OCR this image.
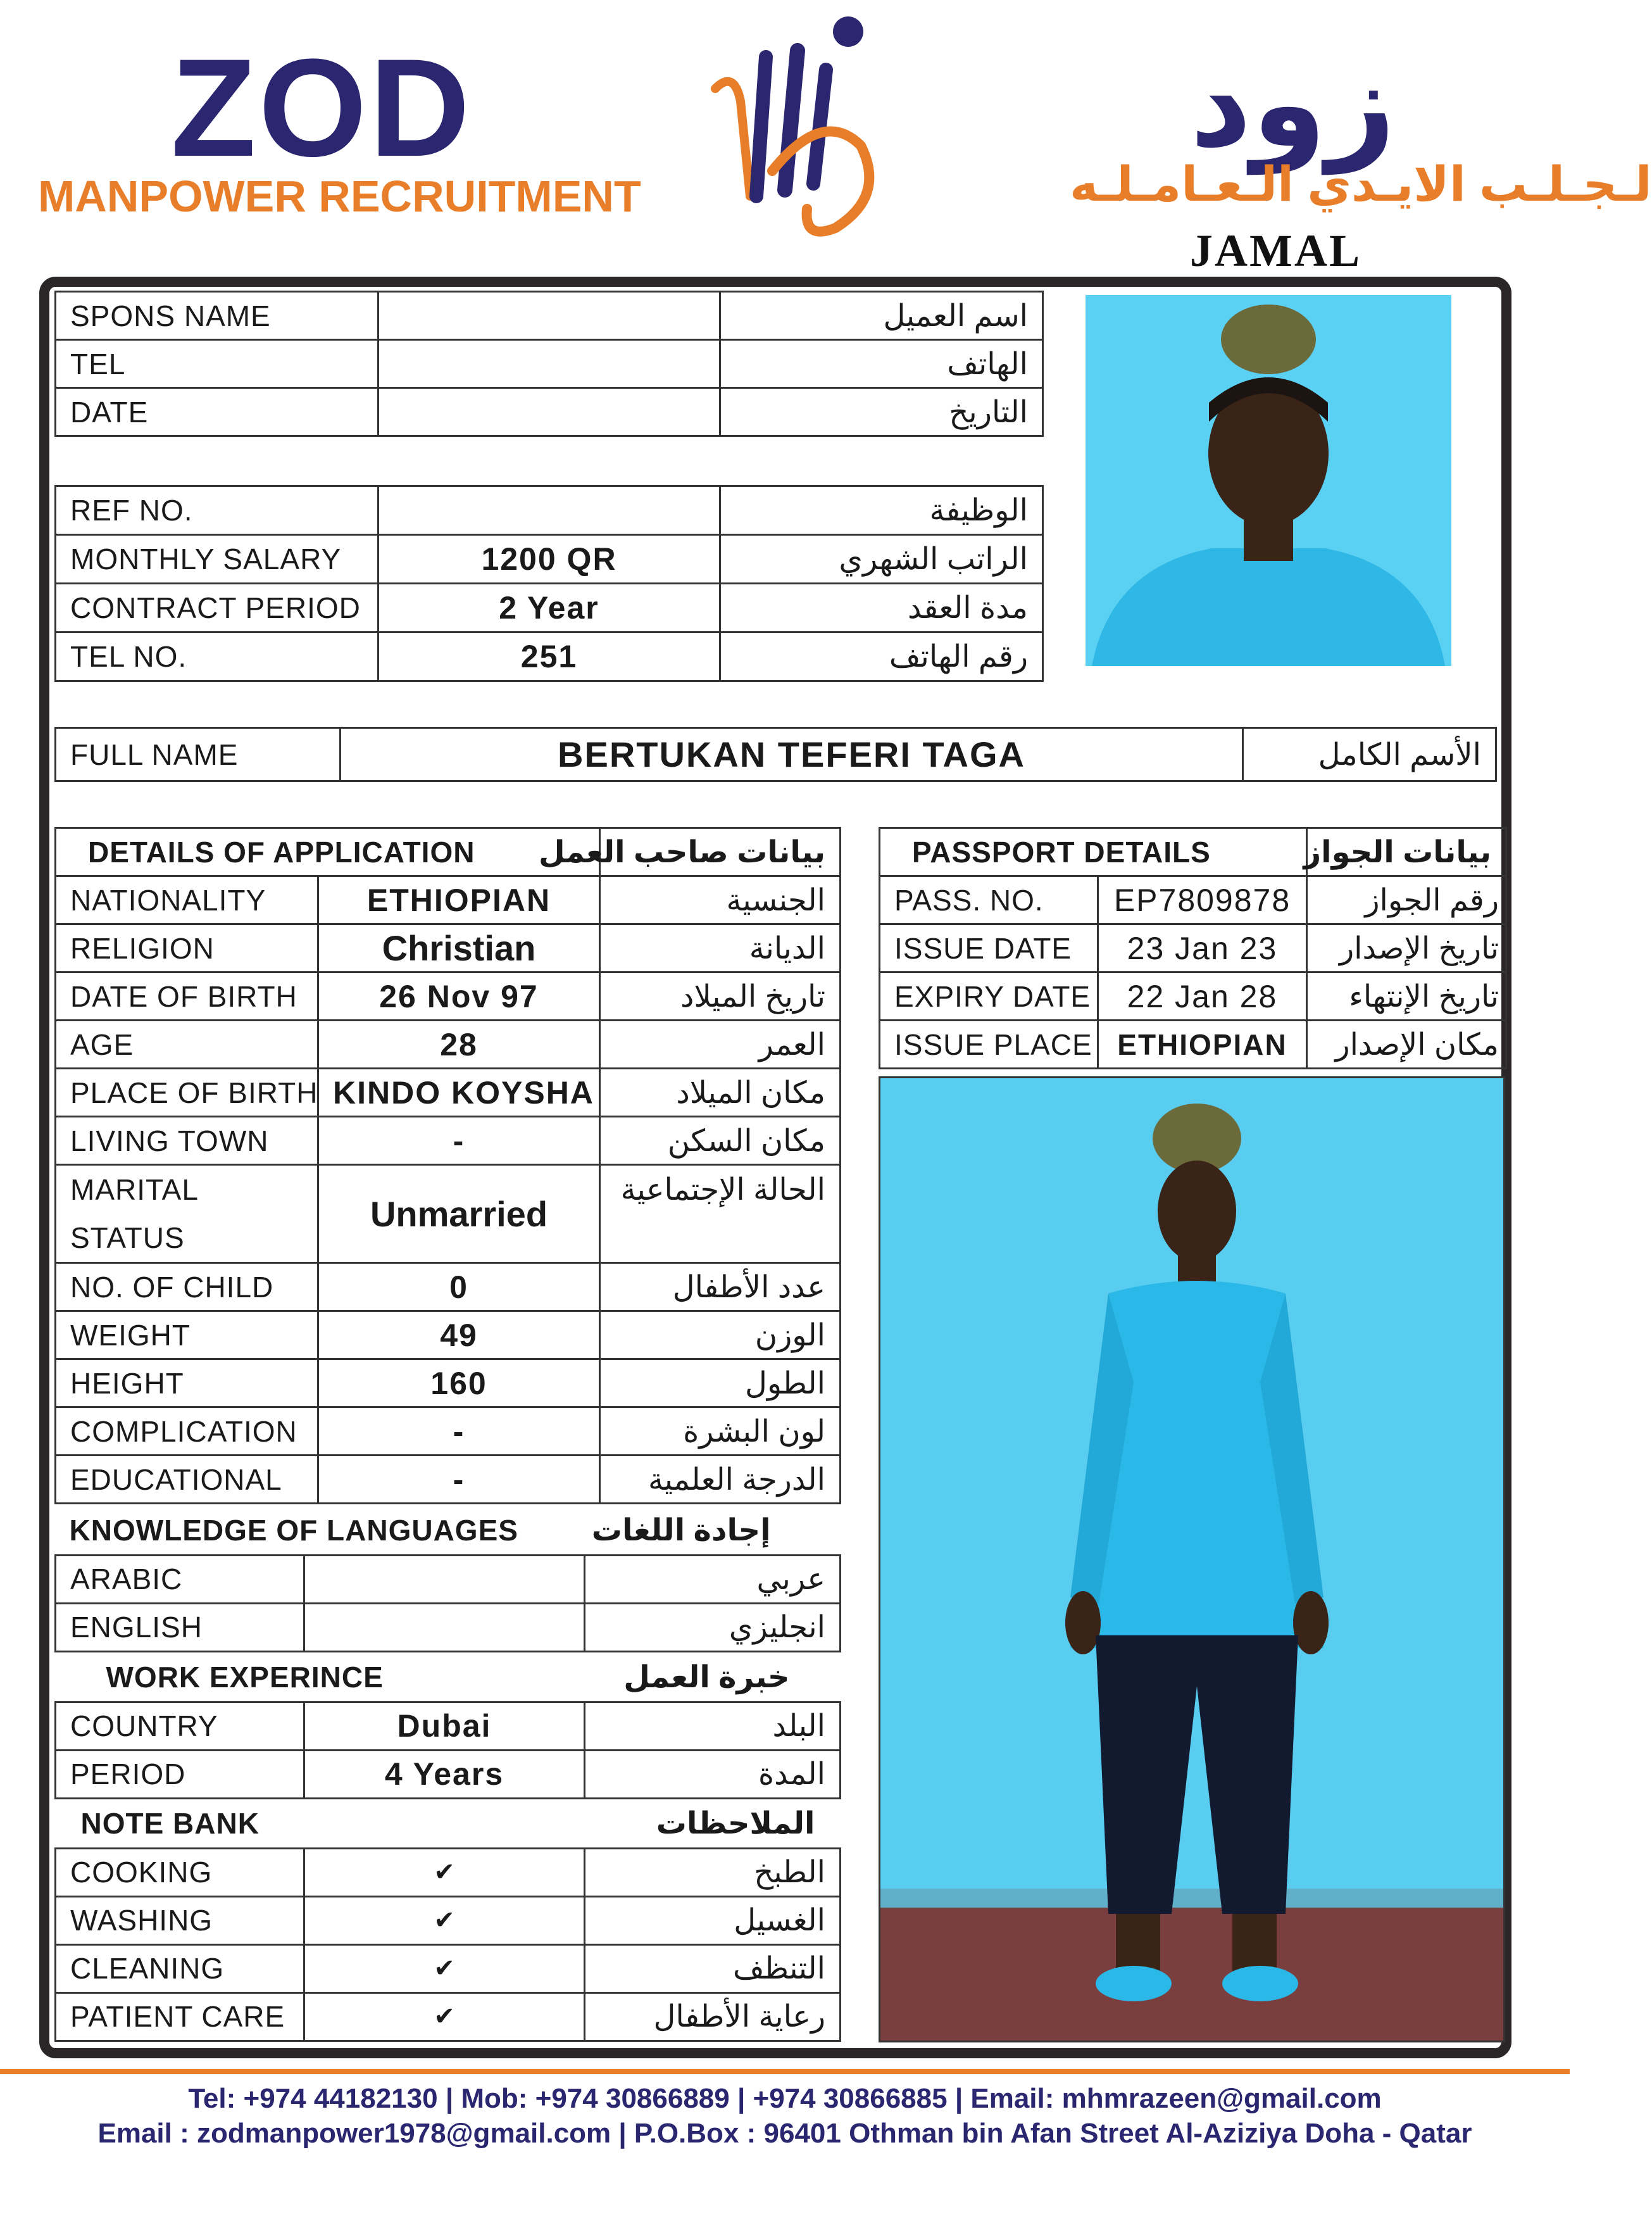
ZOD
MANPOWER RECRUITMENT
زود
لـجـلـب الايـدي الـعـامـلـه
JAMAL
SPONS NAME		اسم العميل
TEL		الهاتف
DATE		التاريخ
REF NO.		الوظيفة
MONTHLY SALARY	1200 QR	الراتب الشهري
CONTRACT PERIOD	2 Year	مدة العقد
TEL NO.	251	رقم الهاتف
FULL NAME	BERTUKAN TEFERI TAGA	الأسم الكامل
DETAILS OF APPLICATION		بيانات صاحب العمل
NATIONALITY	ETHIOPIAN	الجنسية
RELIGION	Christian	الديانة
DATE OF BIRTH	26 Nov 97	تاريخ الميلاد
AGE	28	العمر
PLACE OF BIRTH	KINDO KOYSHA	مكان الميلاد
LIVING TOWN	-	مكان السكن

MARITAL STATUS	Unmarried	الحالة الإجتماعية
NO. OF CHILD	0	عدد الأطفال
WEIGHT	49	الوزن
HEIGHT	160	الطول
COMPLICATION	-	لون البشرة
EDUCATIONAL	-	الدرجة العلمية
KNOWLEDGE OF LANGUAGES		إجادة اللغات
ARABIC		عربي
ENGLISH		انجليزي
WORK EXPERINCE		خبرة العمل
COUNTRY	Dubai	البلد
PERIOD	4 Years	المدة
NOTE BANK		الملاحظات
COOKING	✔	الطبخ
WASHING	✔	الغسيل
CLEANING	✔	التنظف
PATIENT CARE	✔	رعاية الأطفال
PASSPORT DETAILS		بيانات الجواز
PASS. NO.	EP7809878	رقم الجواز
ISSUE DATE	23 Jan 23	تاريخ الإصدار
EXPIRY DATE	22 Jan 28	تاريخ الإنتهاء
ISSUE PLACE	ETHIOPIAN	مكان الإصدار
Tel: +974 44182130 | Mob: +974 30866889 | +974 30866885 | Email: mhmrazeen@gmail.com
Email : zodmanpower1978@gmail.com | P.O.Box : 96401 Othman bin Afan Street Al-Aziziya Doha - Qatar
